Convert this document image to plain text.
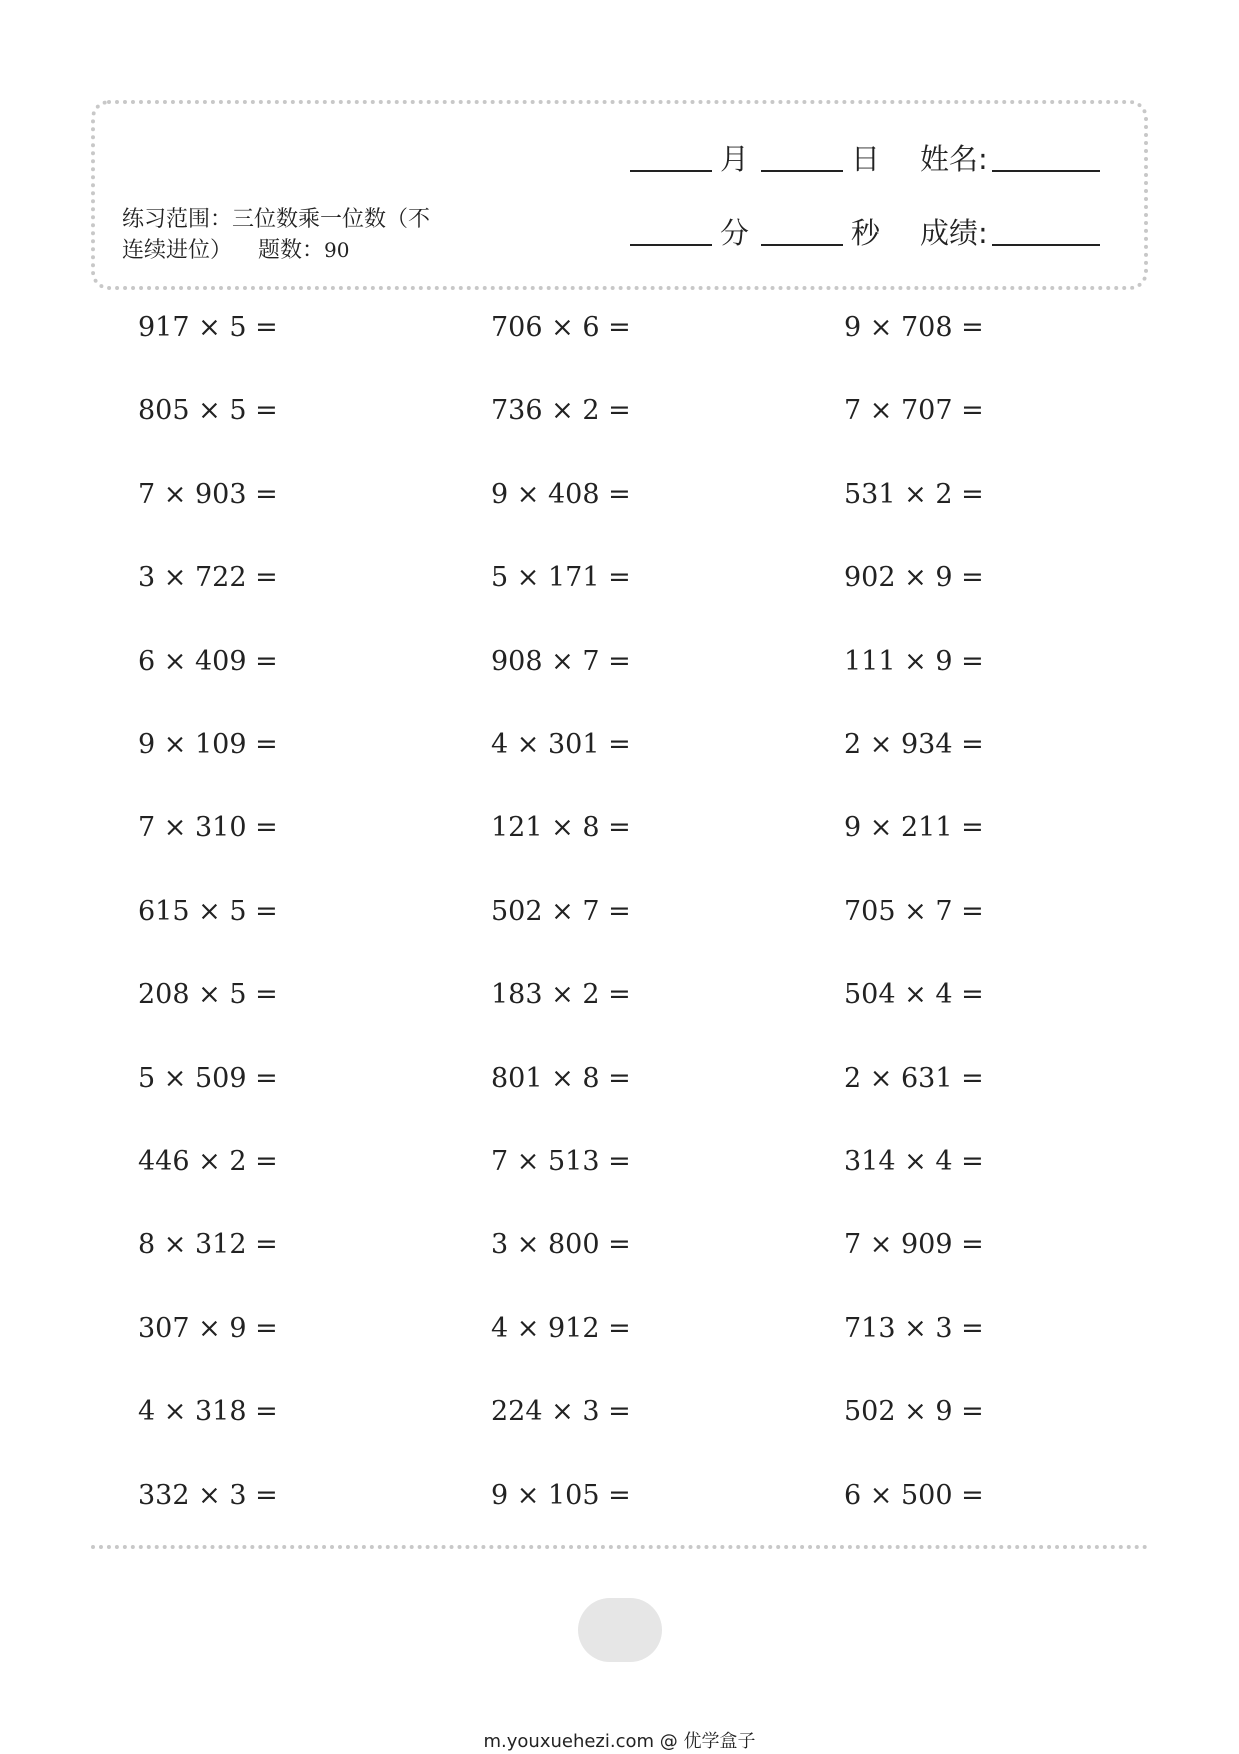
练习范围：三位数乘一位数（不
连续进位） 题数：90
月	日 姓名:
分	秒 成绩:
917 × 5 =	706 × 6 =	9 × 708 =
805 × 5 =	736 × 2 =	7 × 707 =
7 × 903 =	9 × 408 =	531 × 2 =
3 × 722 =	5 × 171 =	902 × 9 =
6 × 409 =	908 × 7 =	111 × 9 =
9 × 109 =	4 × 301 =	2 × 934 =
7 × 310 =	121 × 8 =	9 × 211 =
615 × 5 =	502 × 7 =	705 × 7 =
208 × 5 =	183 × 2 =	504 × 4 =
5 × 509 =	801 × 8 =	2 × 631 =
446 × 2 =	7 × 513 =	314 × 4 =
8 × 312 =	3 × 800 =	7 × 909 =
307 × 9 =	4 × 912 =	713 × 3 =
4 × 318 =	224 × 3 =	502 × 9 =
332 × 3 =	9 × 105 =	6 × 500 =
m.youxuehezi.com @ 优学盒子
